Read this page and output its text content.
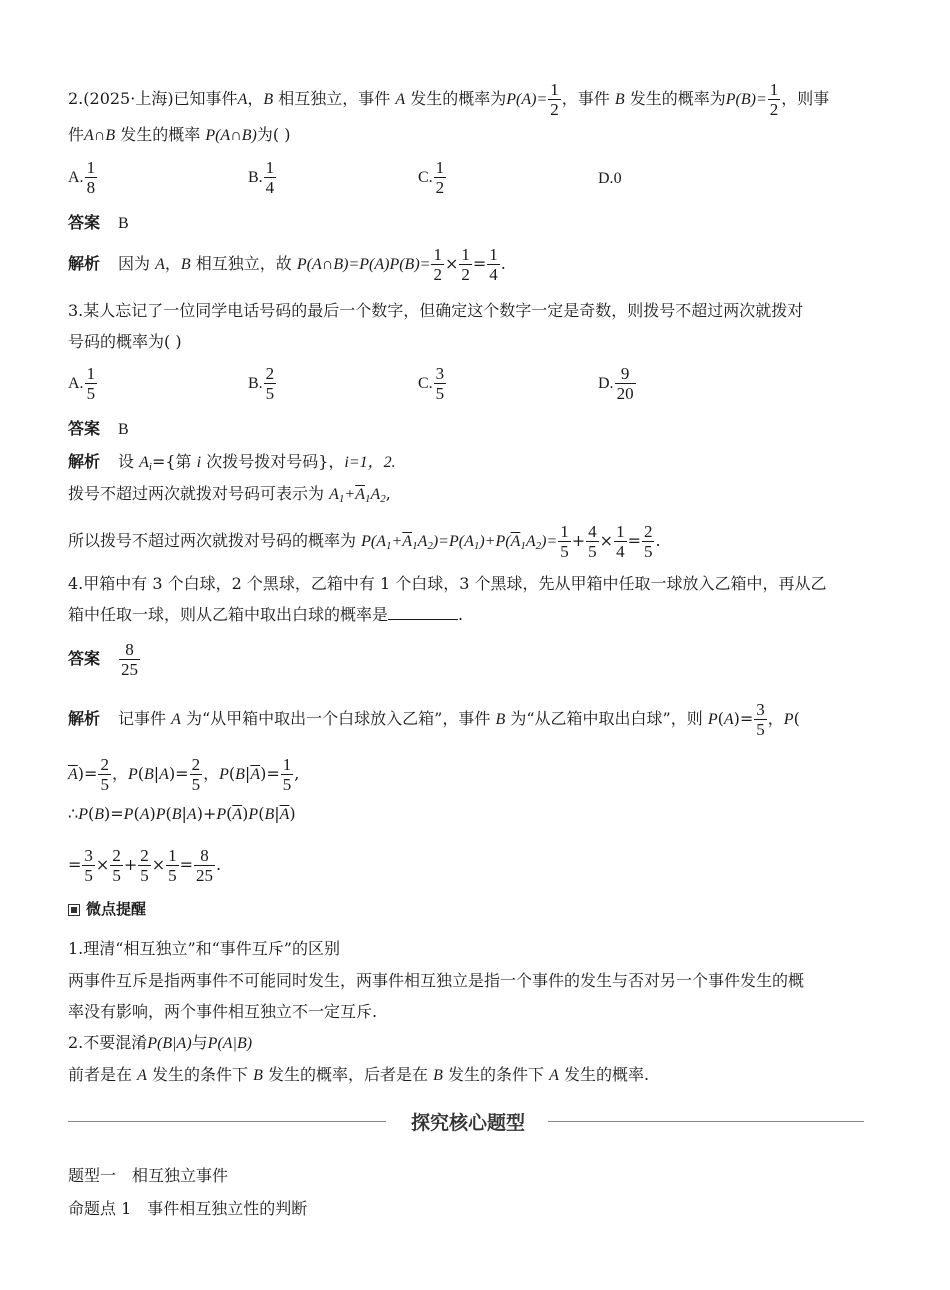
2.(2025·上海)已知事件A，B 相互独立，事件 A 发生的概率为$P(A)= \frac{1}{2}$ ，事件 B 发生的概率为$P(B)= \frac{1}{2}$ ，则事
件A∩B 发生的概率 P(A∩B)为( )
A. $\frac{1}{8}$	B. $\frac{1}{4}$	C. $\frac{1}{2}$	D.0
答案 B
解析 因为 A，B 相互独立，故 P(A∩B)=P(A)P(B)= $\frac{1}{2} \times \frac{1}{2} = \frac{1}{4}$ .
3.某人忘记了一位同学电话号码的最后一个数字，但确定这个数字一定是奇数，则拨号不超过两次就拨对
号码的概率为( )
A. $\frac{1}{5}$	B. $\frac{2}{5}$	C. $\frac{3}{5}$	D. $\frac{9}{20}$
答案 B
解析 设 $A_i=${第 i 次拨号拨对号码}，i=1，2.
拨号不超过两次就拨对号码可表示为 $A_1+\overline{A}_1A_2$,
所以拨号不超过两次就拨对号码的概率为 $P(A_1+\overline{A}_1A_2)=P(A_1)+P(\overline{A}_1A_2)= \frac{1}{5} + \frac{4}{5} \times \frac{1}{4} = \frac{2}{5}$ .
4.甲箱中有 3 个白球，2 个黑球，乙箱中有 1 个白球，3 个黑球，先从甲箱中任取一球放入乙箱中，再从乙
箱中任取一球，则从乙箱中取出白球的概率是	.
答案 $\frac{8}{25}$
解析 记事件 A 为“从甲箱中取出一个白球放入乙箱”，事件 B 为“从乙箱中取出白球”，则 $P(A)= \frac{3}{5}$ ，P(
$\overline{A})= \frac{2}{5}$ ，$P(B|A)= \frac{2}{5}$ ，$P(B|\overline{A})= \frac{1}{5}$ ,
$\therefore P(B)=P(A)P(B|A)+P(\overline{A})P(B|\overline{A})$
= $\frac{3}{5} \times \frac{2}{5} + \frac{2}{5} \times \frac{1}{5} = \frac{8}{25}$ .
微点提醒
1.理清“相互独立”和“事件互斥”的区别
两事件互斥是指两事件不可能同时发生，两事件相互独立是指一个事件的发生与否对另一个事件发生的概
率没有影响，两个事件相互独立不一定互斥.
2.不要混淆P(B|A)与P(A|B)
前者是在 A 发生的条件下 B 发生的概率，后者是在 B 发生的条件下 A 发生的概率.
探究核心题型
题型一　相互独立事件
命题点 1　事件相互独立性的判断
